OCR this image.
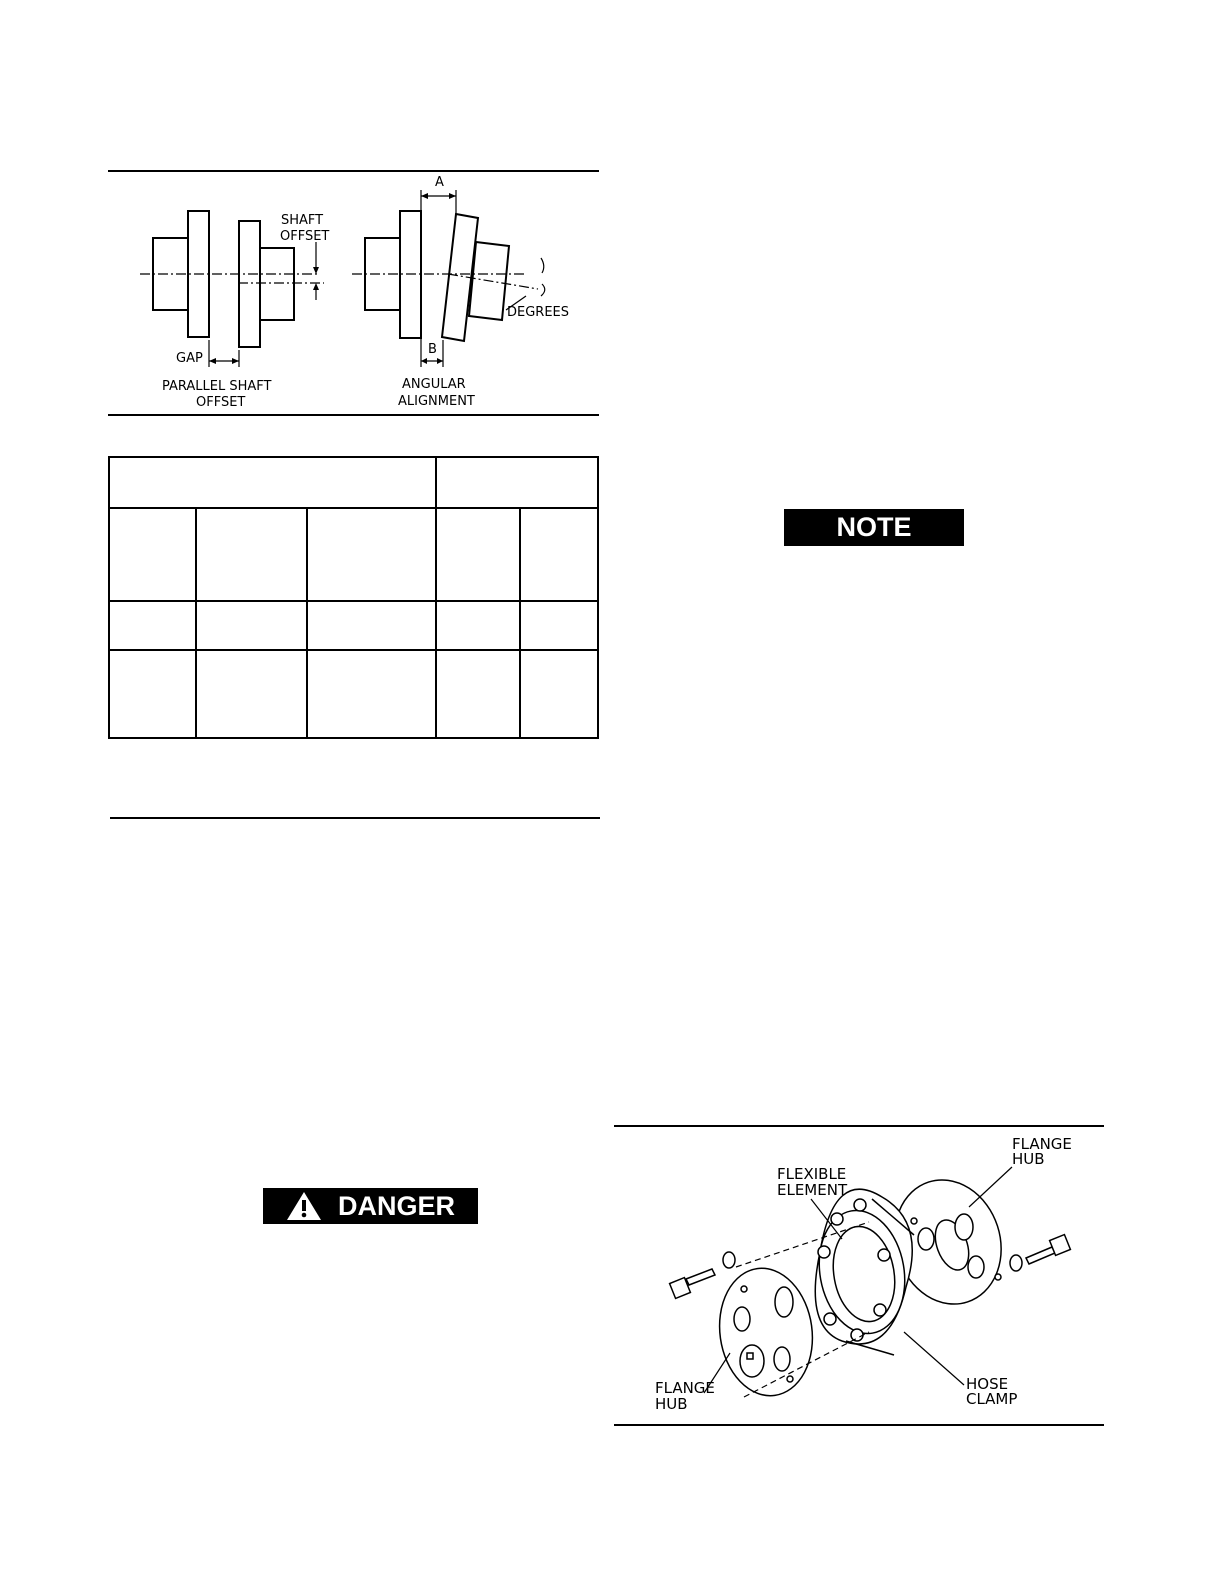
SHAFT
OFFSET
GAP
PARALLEL SHAFT
OFFSET
DEGREES
A
B
ANGULAR
ALIGNMENT
NOTE
DANGER
FLANGE
HUB
FLEXIBLE
ELEMENT
FLANGE
HUB
HOSE
CLAMP
